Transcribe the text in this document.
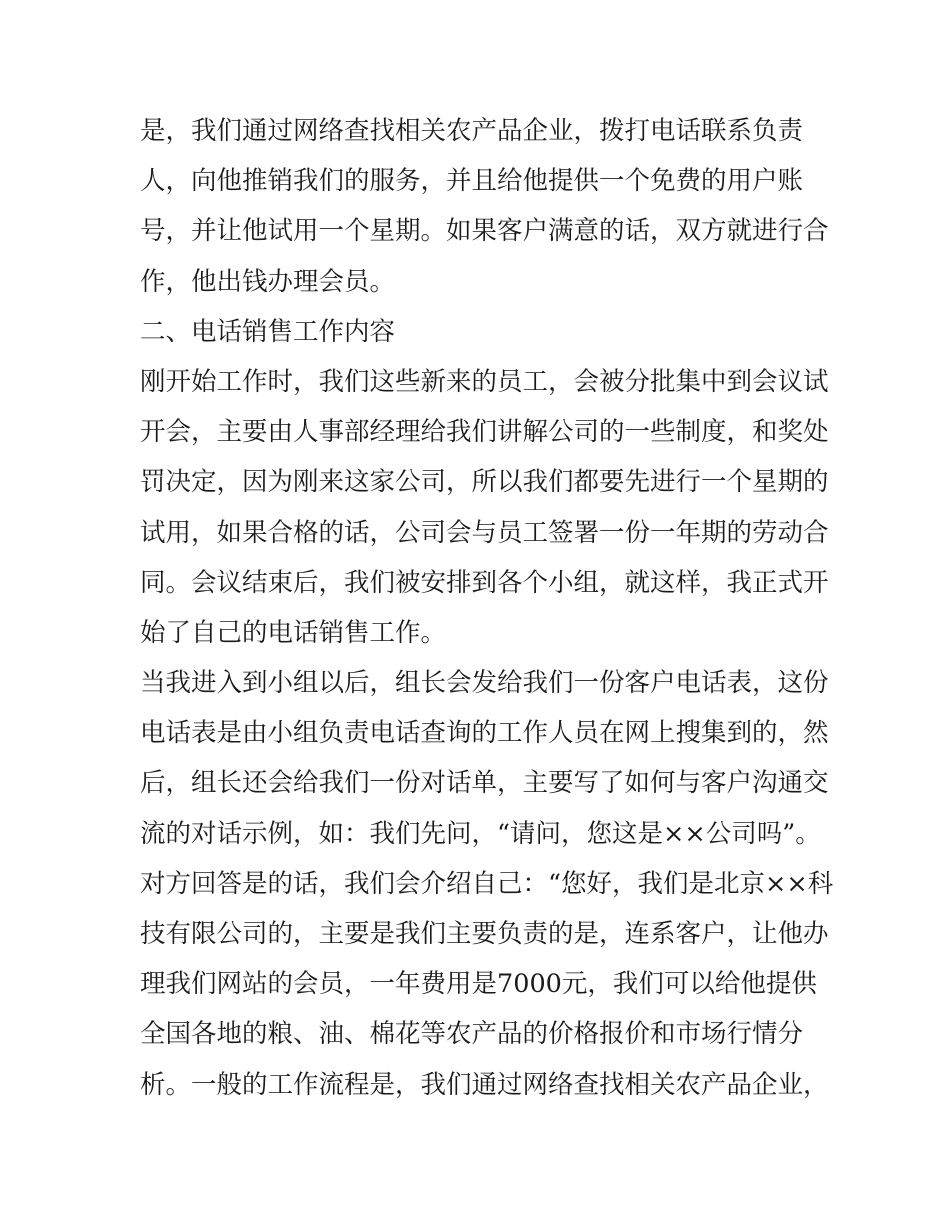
是，我们通过网络查找相关农产品企业，拨打电话联系负责
人，向他推销我们的服务，并且给他提供一个免费的用户账
号，并让他试用一个星期。如果客户满意的话，双方就进行合
作，他出钱办理会员。
二、电话销售工作内容
刚开始工作时，我们这些新来的员工，会被分批集中到会议试
开会，主要由人事部经理给我们讲解公司的一些制度，和奖处
罚决定，因为刚来这家公司，所以我们都要先进行一个星期的
试用，如果合格的话，公司会与员工签署一份一年期的劳动合
同。会议结束后，我们被安排到各个小组，就这样，我正式开
始了自己的电话销售工作。
当我进入到小组以后，组长会发给我们一份客户电话表，这份
电话表是由小组负责电话查询的工作人员在网上搜集到的，然
后，组长还会给我们一份对话单，主要写了如何与客户沟通交
流的对话示例，如：我们先问，“请问，您这是××公司吗”。
对方回答是的话，我们会介绍自己：“您好，我们是北京××科
技有限公司的，主要是我们主要负责的是，连系客户，让他办
理我们网站的会员，一年费用是7000元，我们可以给他提供
全国各地的粮、油、棉花等农产品的价格报价和市场行情分
析。一般的工作流程是，我们通过网络查找相关农产品企业，
